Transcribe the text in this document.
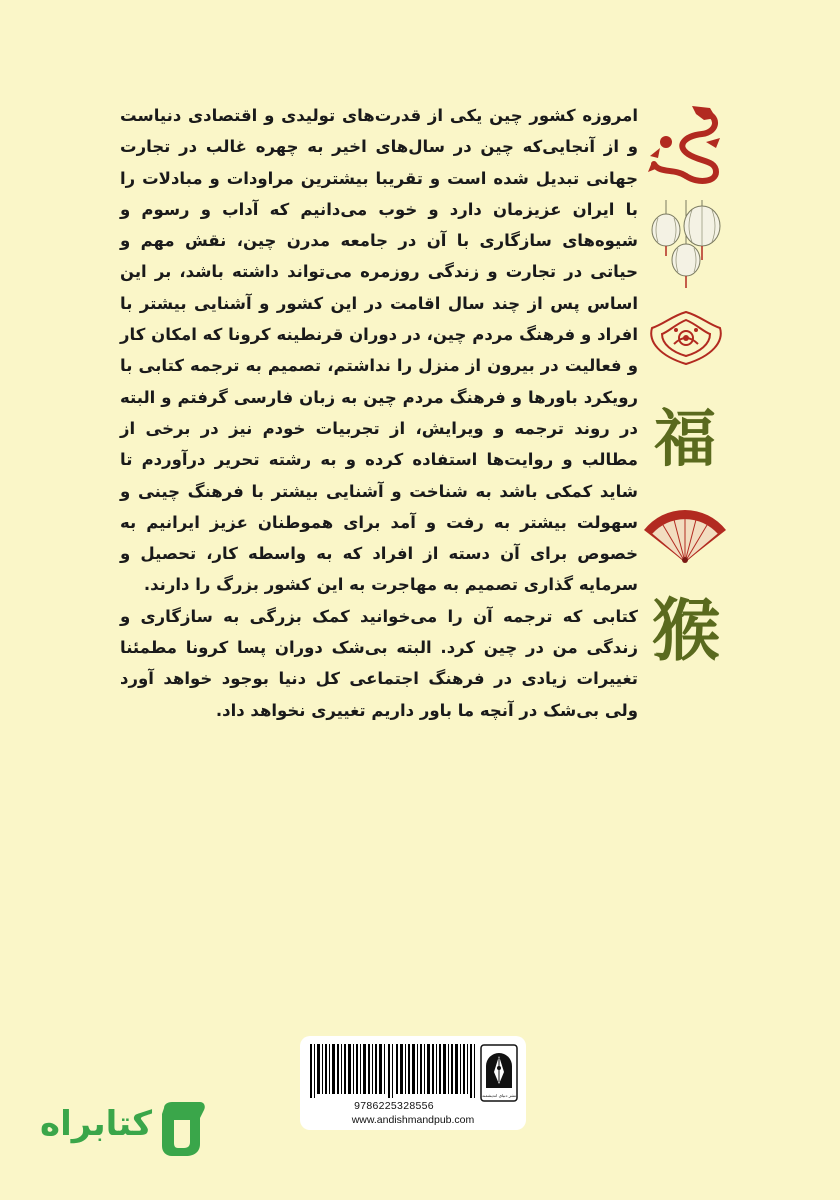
امروزه کشور چین یکی از قدرت‌های تولیدی و اقتصادی دنیاست و از آنجایی‌که چین در سال‌های اخیر به چهره غالب در تجارت جهانی تبدیل شده است و تقریبا بیشترین مراودات و مبادلات را با ایران عزیزمان دارد و خوب می‌دانیم که آداب و رسوم و شیوه‌های سازگاری با آن در جامعه مدرن چین، نقش مهم و حیاتی در تجارت و زندگی روزمره می‌تواند داشته باشد، بر این اساس پس از چند سال اقامت در این کشور و آشنایی بیشتر با افراد و فرهنگ مردم چین، در دوران قرنطینه کرونا که امکان کار و فعالیت در بیرون از منزل را نداشتم، تصمیم به ترجمه کتابی با رویکرد باورها و فرهنگ مردم چین به زبان فارسی گرفتم و البته در روند ترجمه و ویرایش، از تجربیات خودم نیز در برخی از مطالب و روایت‌ها استفاده کرده و به رشته تحریر درآوردم تا شاید کمکی باشد به شناخت و آشنایی بیشتر با فرهنگ چینی و سهولت بیشتر به رفت و آمد برای هموطنان عزیز ایرانیم به خصوص برای آن دسته از افراد که به واسطه کار، تحصیل و سرمایه گذاری تصمیم به مهاجرت به این کشور بزرگ را دارند.

کتابی که ترجمه آن را می‌خوانید کمک بزرگی به سازگاری و زندگی من در چین کرد. البته بی‌شک دوران پسا کرونا مطمئنا تغییرات زیادی در فرهنگ اجتماعی کل دنیا بوجود خواهد آورد ولی بی‌شک در آنچه ما باور داریم تغییری نخواهد داد.

福
猴
9786225328556
نشر دنیای اندیشمند
www.andishmandpub.com
کتابراه
